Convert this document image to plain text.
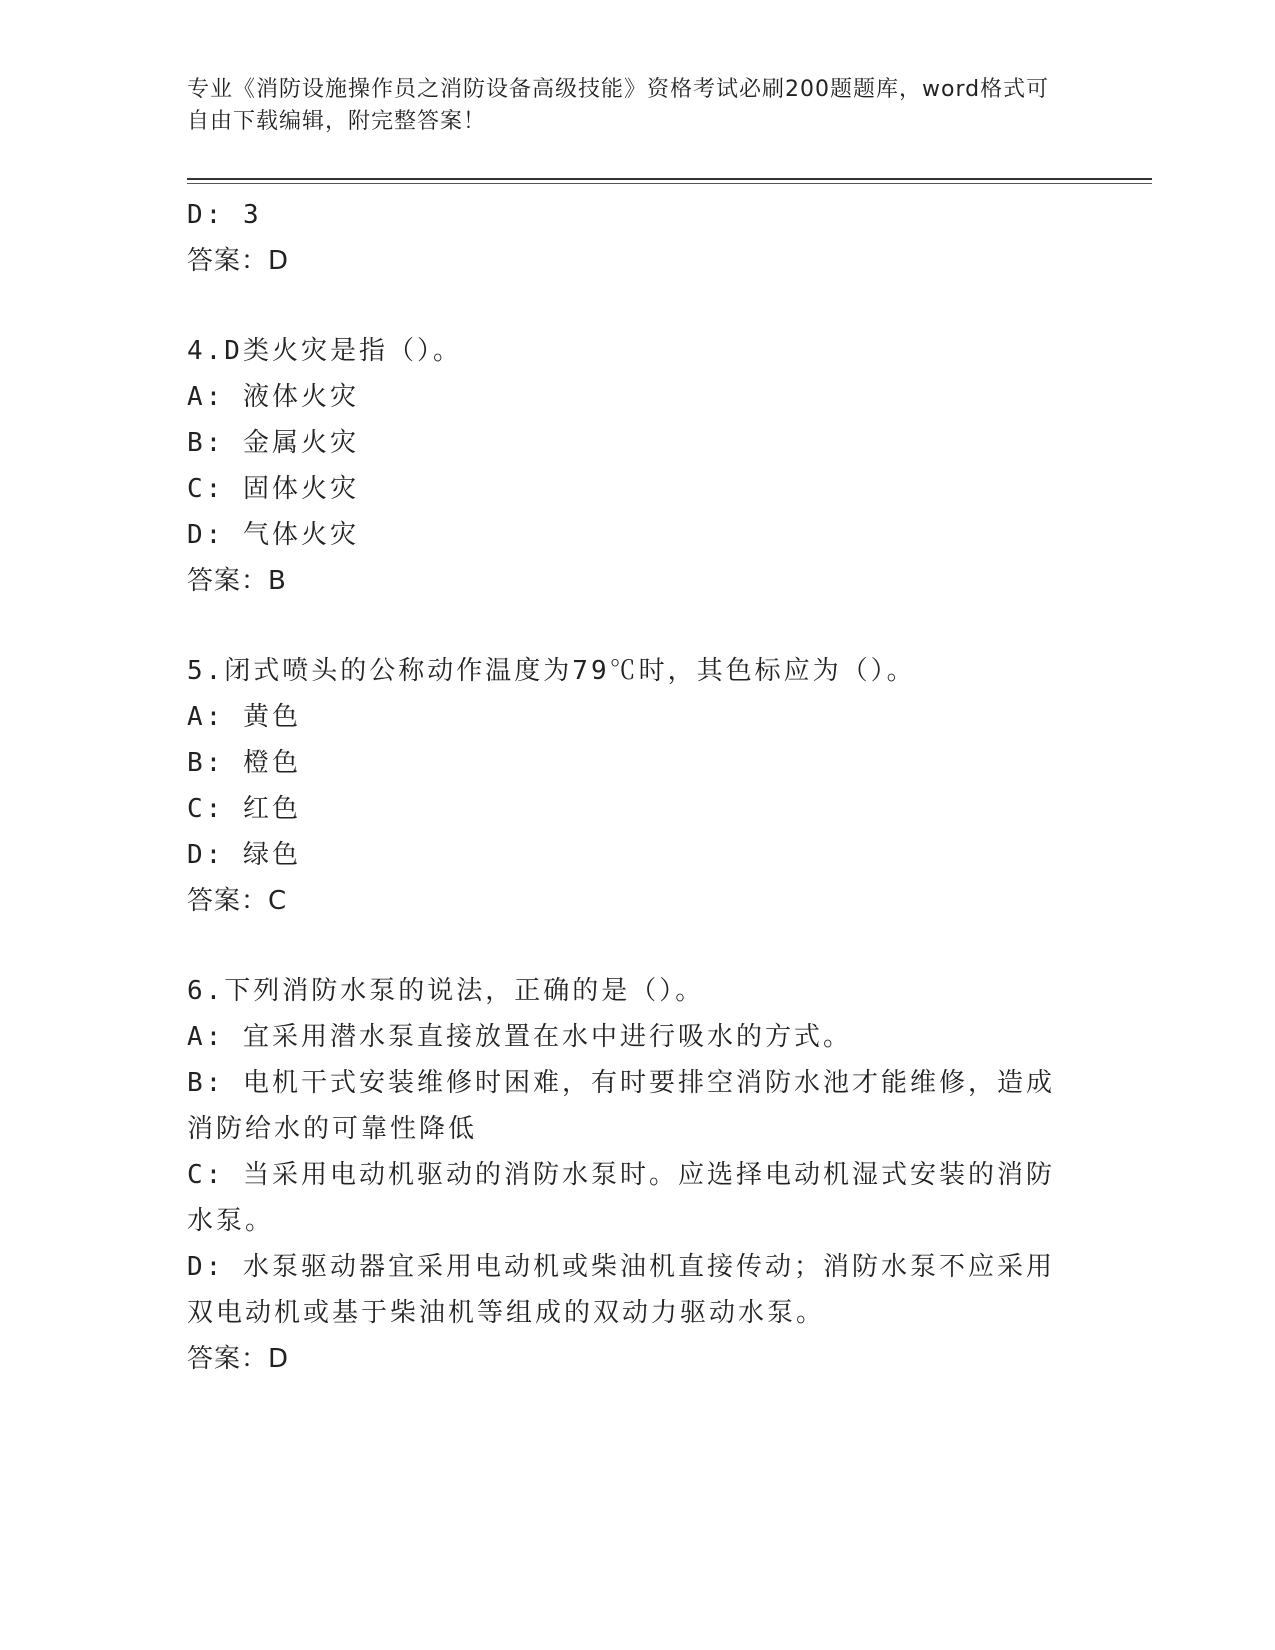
专业《消防设施操作员之消防设备高级技能》资格考试必刷200题题库，word格式可自由下载编辑，附完整答案！
D: 3
答案：D
4.D类火灾是指（）。
A: 液体火灾
B: 金属火灾
C: 固体火灾
D: 气体火灾
答案：B
5.闭式喷头的公称动作温度为79℃时，其色标应为（）。
A: 黄色
B: 橙色
C: 红色
D: 绿色
答案：C
6.下列消防水泵的说法，正确的是（）。
A: 宜采用潜水泵直接放置在水中进行吸水的方式。
B: 电机干式安装维修时困难，有时要排空消防水池才能维修，造成消防给水的可靠性降低
C: 当采用电动机驱动的消防水泵时。应选择电动机湿式安装的消防水泵。
D: 水泵驱动器宜采用电动机或柴油机直接传动；消防水泵不应采用双电动机或基于柴油机等组成的双动力驱动水泵。
答案：D
